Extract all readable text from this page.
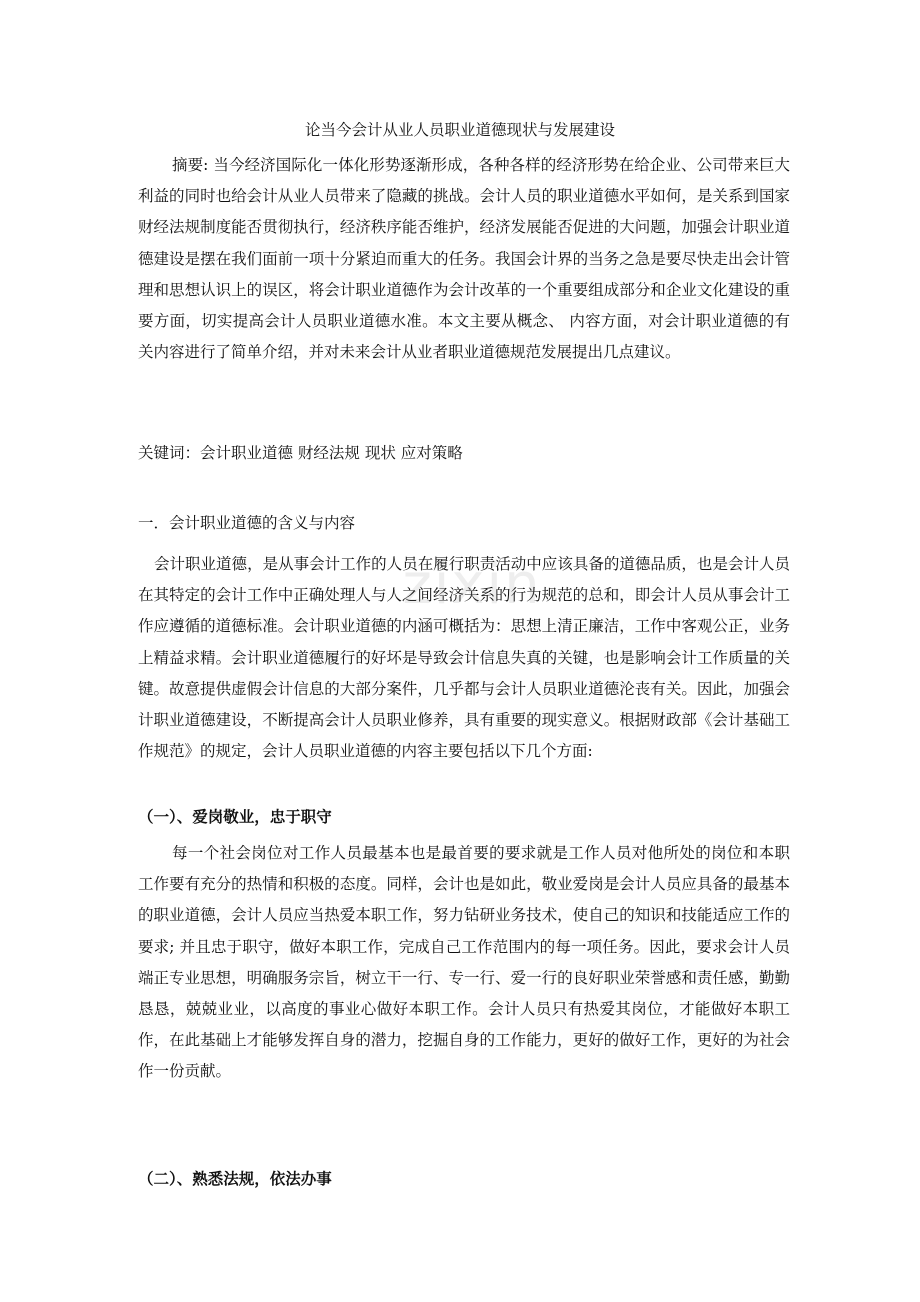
论当今会计从业人员职业道德现状与发展建设

摘要: 当今经济国际化一体化形势逐渐形成，各种各样的经济形势在给企业、公司带来巨大利益的同时也给会计从业人员带来了隐藏的挑战。会计人员的职业道德水平如何，是关系到国家财经法规制度能否贯彻执行，经济秩序能否维护，经济发展能否促进的大问题，加强会计职业道德建设是摆在我们面前一项十分紧迫而重大的任务。我国会计界的当务之急是要尽快走出会计管理和思想认识上的误区，将会计职业道德作为会计改革的一个重要组成部分和企业文化建设的重要方面，切实提高会计人员职业道德水准。本文主要从概念、 内容方面，对会计职业道德的有关内容进行了简单介绍，并对未来会计从业者职业道德规范发展提出几点建议。

关键词：会计职业道德 财经法规 现状 应对策略

一．会计职业道德的含义与内容

会计职业道德，是从事会计工作的人员在履行职责活动中应该具备的道德品质，也是会计人员在其特定的会计工作中正确处理人与人之间经济关系的行为规范的总和，即会计人员从事会计工作应遵循的道德标准。会计职业道德的内涵可概括为：思想上清正廉洁，工作中客观公正，业务上精益求精。会计职业道德履行的好坏是导致会计信息失真的关键，也是影响会计工作质量的关键。故意提供虚假会计信息的大部分案件，几乎都与会计人员职业道德沦丧有关。因此，加强会计职业道德建设，不断提高会计人员职业修养，具有重要的现实意义。根据财政部《会计基础工作规范》的规定，会计人员职业道德的内容主要包括以下几个方面:

（一）、爱岗敬业，忠于职守

每一个社会岗位对工作人员最基本也是最首要的要求就是工作人员对他所处的岗位和本职工作要有充分的热情和积极的态度。同样，会计也是如此，敬业爱岗是会计人员应具备的最基本的职业道德，会计人员应当热爱本职工作，努力钻研业务技术，使自己的知识和技能适应工作的要求; 并且忠于职守，做好本职工作，完成自己工作范围内的每一项任务。因此，要求会计人员端正专业思想，明确服务宗旨，树立干一行、专一行、爱一行的良好职业荣誉感和责任感，勤勤恳恳，兢兢业业，以高度的事业心做好本职工作。会计人员只有热爱其岗位，才能做好本职工作，在此基础上才能够发挥自身的潜力，挖掘自身的工作能力，更好的做好工作，更好的为社会作一份贡献。

（二）、熟悉法规，依法办事

zixin
